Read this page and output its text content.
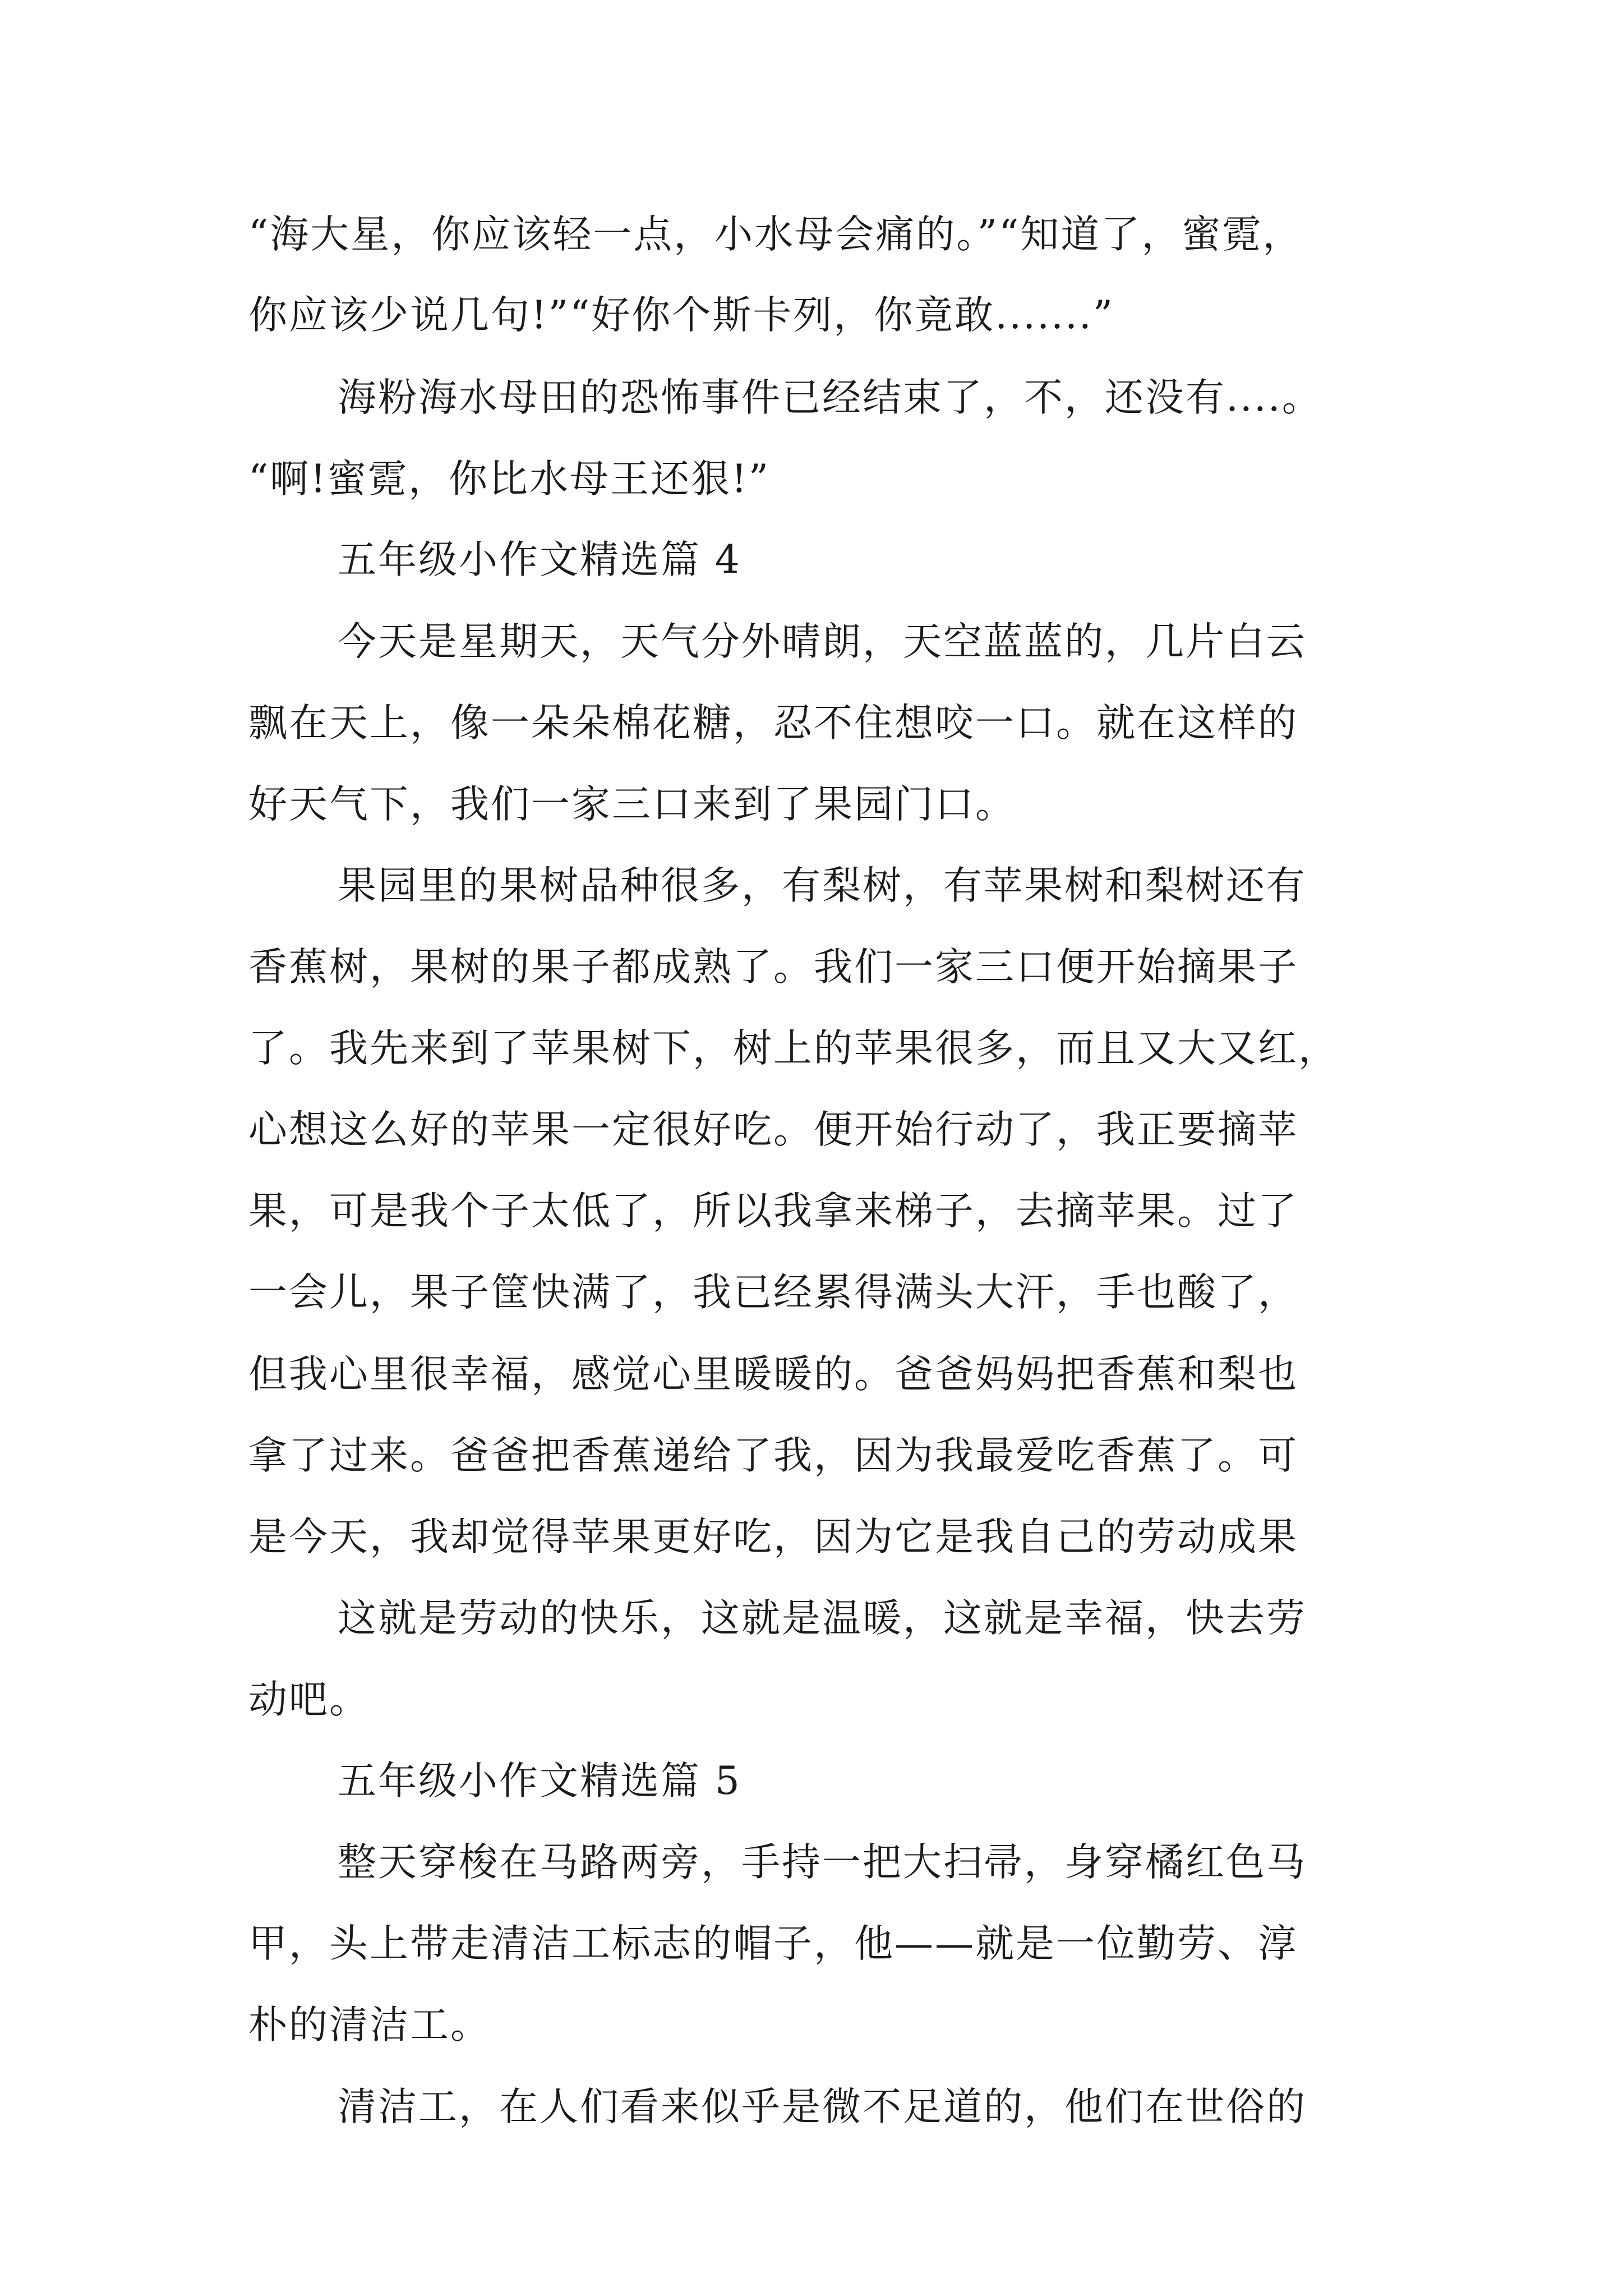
“海大星，你应该轻一点，小水母会痛的。”“知道了，蜜霓，
你应该少说几句!”“好你个斯卡列，你竟敢.......”
海粉海水母田的恐怖事件已经结束了，不，还没有....。
“啊!蜜霓，你比水母王还狠!”
五年级小作文精选篇 4
今天是星期天，天气分外晴朗，天空蓝蓝的，几片白云
飘在天上，像一朵朵棉花糖，忍不住想咬一口。就在这样的
好天气下，我们一家三口来到了果园门口。
果园里的果树品种很多，有梨树，有苹果树和梨树还有
香蕉树，果树的果子都成熟了。我们一家三口便开始摘果子
了。我先来到了苹果树下，树上的苹果很多，而且又大又红，
心想这么好的苹果一定很好吃。便开始行动了，我正要摘苹
果，可是我个子太低了，所以我拿来梯子，去摘苹果。过了
一会儿，果子筐快满了，我已经累得满头大汗，手也酸了，
但我心里很幸福，感觉心里暖暖的。爸爸妈妈把香蕉和梨也
拿了过来。爸爸把香蕉递给了我，因为我最爱吃香蕉了。可
是今天，我却觉得苹果更好吃，因为它是我自己的劳动成果
这就是劳动的快乐，这就是温暖，这就是幸福，快去劳
动吧。
五年级小作文精选篇 5
整天穿梭在马路两旁，手持一把大扫帚，身穿橘红色马
甲，头上带走清洁工标志的帽子，他——就是一位勤劳、淳
朴的清洁工。
清洁工，在人们看来似乎是微不足道的，他们在世俗的
